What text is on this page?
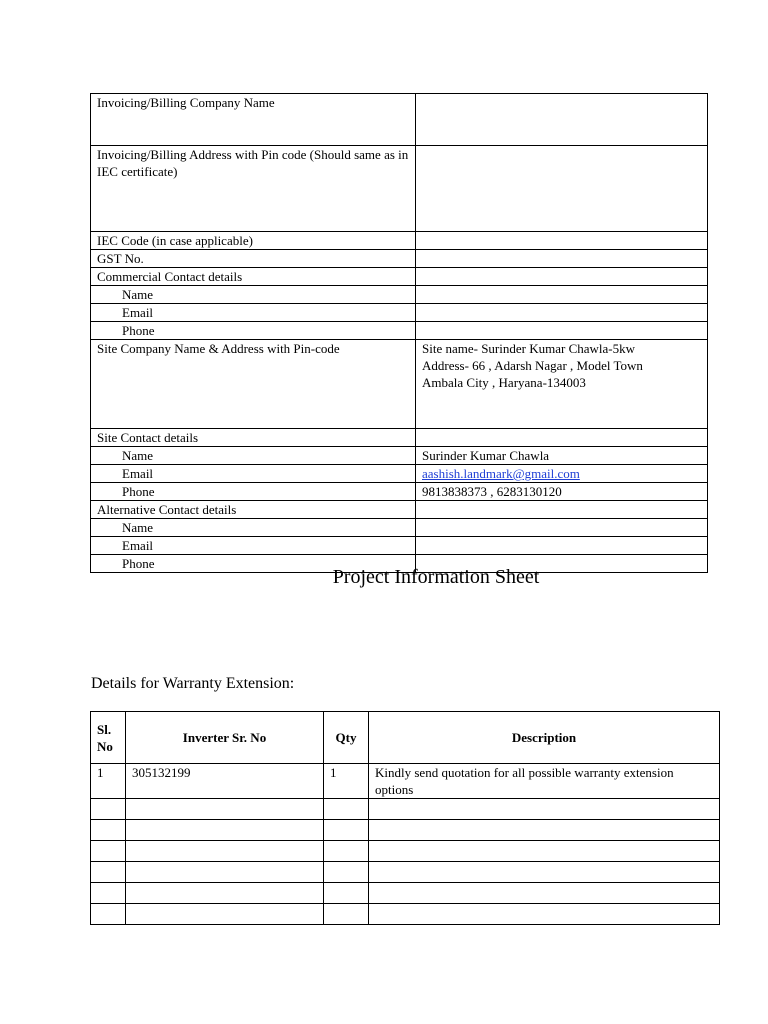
Invoicing/Billing Company Name	
Invoicing/Billing Address with Pin code (Should same as in IEC certificate)	
IEC Code (in case applicable)	
GST No.	
Commercial Contact details	
Name	
Email	
Phone	
Site Company Name & Address with Pin-code	Site name- Surinder Kumar Chawla-5kw
Address- 66 , Adarsh Nagar , Model Town
Ambala City , Haryana-134003

Site Contact details	
Name	Surinder Kumar Chawla
Email	aashish.landmark@gmail.com
Phone	9813838373 , 6283130120
Alternative Contact details	
Name	
Email	
Phone	
Project Information Sheet
Details for Warranty Extension:
Sl. No	Inverter Sr. No	Qty	Description
1	305132199	1	Kindly send quotation for all possible warranty extension options
